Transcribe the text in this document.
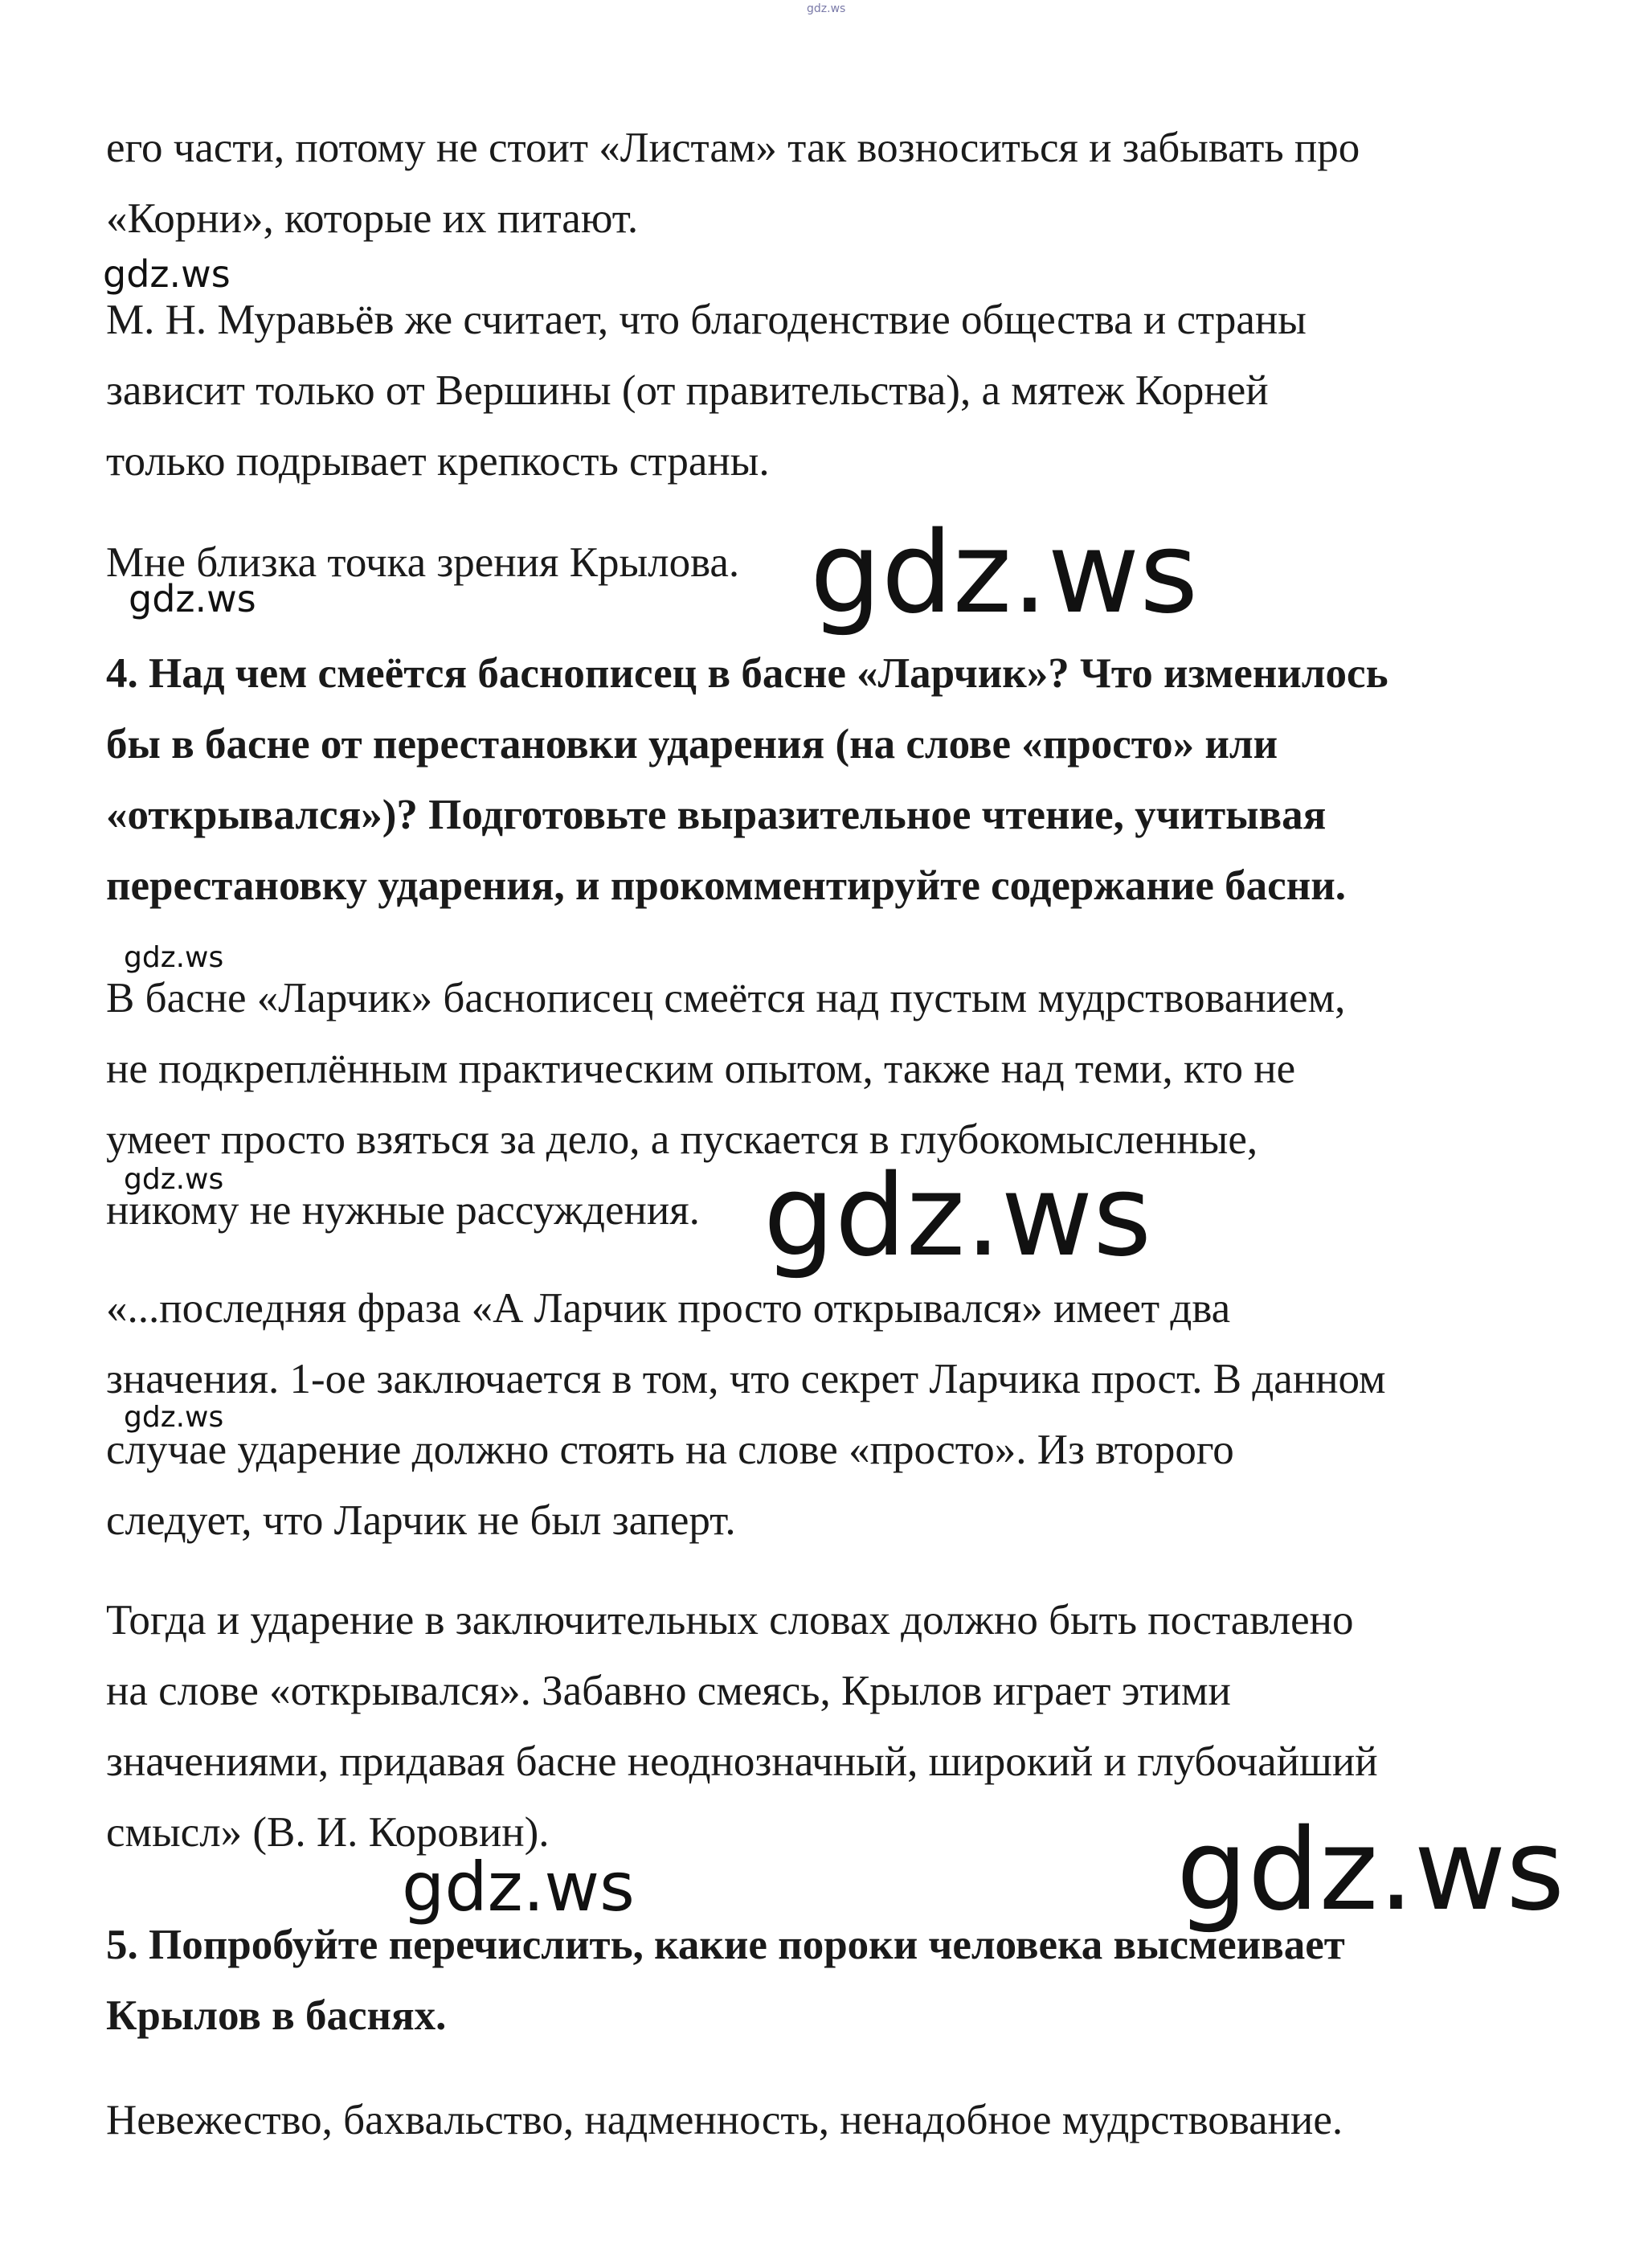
gdz.ws
его части, потому не стоит «Листам» так возноситься и забывать про
«Корни», которые их питают.
gdz.ws
М. Н. Муравьёв же считает, что благоденствие общества и страны
зависит только от Вершины (от правительства), а мятеж Корней
только подрывает крепкость страны.
Мне близка точка зрения Крылова. gdz.ws
gdz.ws
4. Над чем смеётся баснописец в басне «Ларчик»? Что изменилось
бы в басне от перестановки ударения (на слове «просто» или
«открывался»)? Подготовьте выразительное чтение, учитывая
перестановку ударения, и прокомментируйте содержание басни.
gdz.ws
В басне «Ларчик» баснописец смеётся над пустым мудрствованием,
не подкреплённым практическим опытом, также над теми, кто не
умеет просто взяться за дело, а пускается в глубокомысленные,
никому не нужные рассуждения.
gdz.ws	gdz.ws
«...последняя фраза «А Ларчик просто открывался» имеет два
значения. 1-ое заключается в том, что секрет Ларчика прост. В данном
случае ударение должно стоять на слове «просто». Из второго
следует, что Ларчик не был заперт.
gdz.ws
Тогда и ударение в заключительных словах должно быть поставлено
на слове «открывался». Забавно смеясь, Крылов играет этими
значениями, придавая басне неоднозначный, широкий и глубочайший
смысл» (В. И. Коровин).	gdz.ws
gdz.ws
5. Попробуйте перечислить, какие пороки человека высмеивает
Крылов в баснях.
Невежество, бахвальство, надменность, ненадобное мудрствование.
